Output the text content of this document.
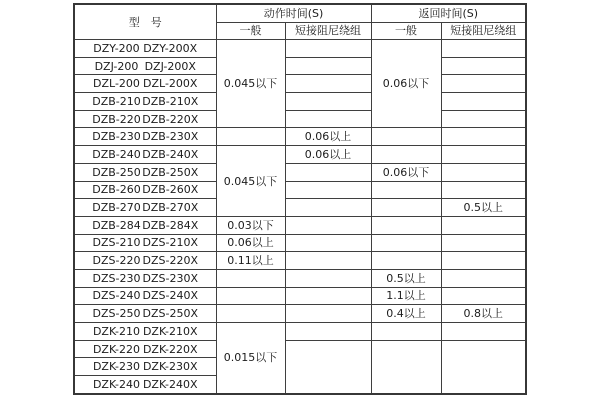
型　号	动作时间(S)		返回时间(S)	
	一般	短接阻尼绕组	一般	短接阻尼绕组
DZY-200 DZY-200X	0.045以下		0.06以下	
DZJ-200 DZJ-200X				
DZL-200 DZL-200X				
DZB-210DZB-210X				
DZB-220DZB-220X				
DZB-230DZB-230X		0.06以上		
DZB-240DZB-240X	0.045以下	0.06以上		
DZB-250DZB-250X			0.06以下	
DZB-260DZB-260X				
DZB-270DZB-270X				0.5以上
DZB-284DZB-284X	0.03以下			
DZS-210 DZS-210X	0.06以上			
DZS-220 DZS-220X	0.11以上			
DZS-230 DZS-230X			0.5以上	
DZS-240 DZS-240X			1.1以上	
DZS-250 DZS-250X			0.4以上	0.8以上
DZK-210 DZK-210X	0.015以下			
DZK-220 DZK-220X				
DZK-230 DZK-230X				
DZK-240 DZK-240X				
